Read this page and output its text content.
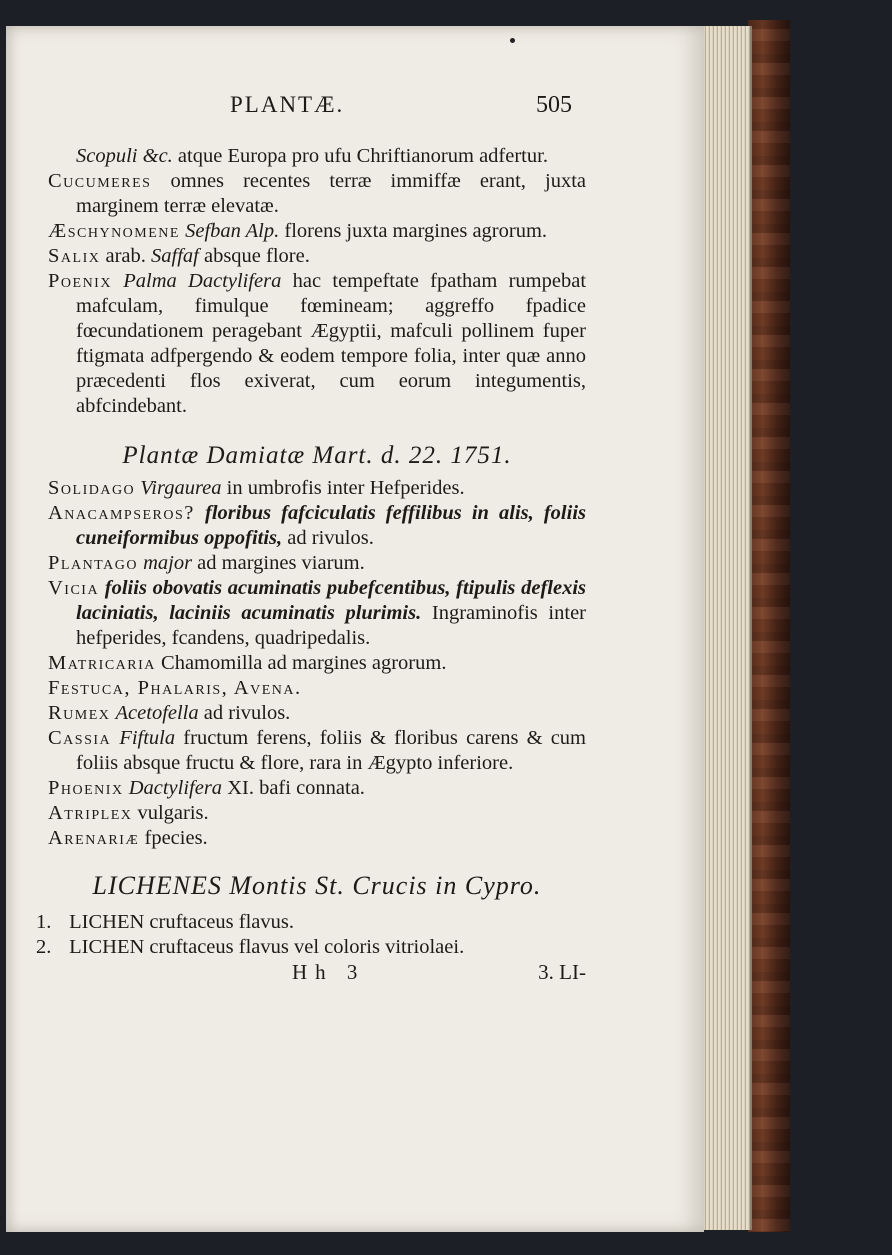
PLANTÆ.	505
Scopuli &c. atque Europa pro ufu Chriftianorum adfertur.
Cucumeres omnes recentes terræ immiffæ erant, juxta marginem terræ elevatæ.
Æschynomene Sefban Alp. florens juxta margines agrorum.
Salix arab. Saffaf absque flore.
Poenix Palma Dactylifera hac tempeftate fpatham rumpebat mafculam, fimulque fœmineam; aggreffo fpadice fœcundationem peragebant Ægyptii, mafculi pollinem fuper ftigmata adfpergendo & eodem tempore folia, inter quæ anno præcedenti flos exiverat, cum eorum integumentis, abfcindebant.
Plantæ Damiatæ Mart. d. 22. 1751.
Solidago Virgaurea in umbrofis inter Hefperides.
Anacampseros? floribus fafciculatis feffilibus in alis, foliis cuneiformibus oppofitis, ad rivulos.
Plantago major ad margines viarum.
Vicia foliis obovatis acuminatis pubefcentibus, ftipulis deflexis laciniatis, laciniis acuminatis plurimis. Ingraminofis inter hefperides, fcandens, quadripedalis.
Matricaria Chamomilla ad margines agrorum.
Festuca, Phalaris, Avena.
Rumex Acetofella ad rivulos.
Cassia Fiftula fructum ferens, foliis & floribus carens & cum foliis absque fructu & flore, rara in Ægypto inferiore.
Phoenix Dactylifera XI. bafi connata.
Atriplex vulgaris.
Arenariæ fpecies.
LICHENES Montis St. Crucis in Cypro.
1. LICHEN cruftaceus flavus.
2. LICHEN cruftaceus flavus vel coloris vitriolaei.
Hh 3	3. LI-
